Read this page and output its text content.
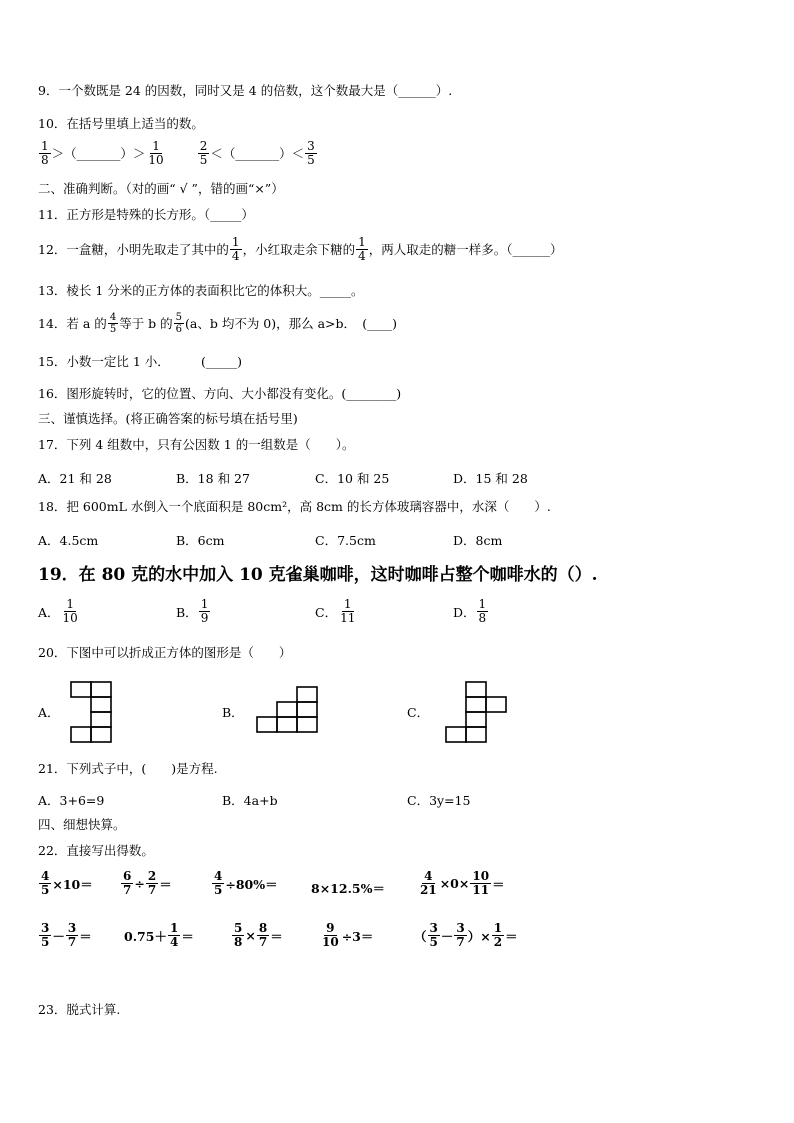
9．一个数既是 24 的因数，同时又是 4 的倍数，这个数最大是（______）.
10．在括号里填上适当的数。
$\frac{1}{8}$ ＞（_______）＞ $\frac{1}{10}$	$\frac{2}{5}$ ＜（_______）＜ $\frac{3}{5}$
二、准确判断。（对的画“ √ ”，错的画“×”）
11．正方形是特殊的长方形。（_____）
12．一盒糖，小明先取走了其中的 $\frac{1}{4}$ ，小红取走余下糖的 $\frac{1}{4}$ ，两人取走的糖一样多。（______）
13．棱长 1 分米的正方体的表面积比它的体积大。_____。
14．若 a 的 $\frac{4}{5}$ 等于 b 的 $\frac{5}{6} (a$、b 均不为 0)，那么 a>b．　(____)
15．小数一定比 1 小．　　　(_____)
16．图形旋转时，它的位置、方向、大小都没有变化。(________)
三、谨慎选择。(将正确答案的标号填在括号里)
17．下列 4 组数中，只有公因数 1 的一组数是（　　）。
A．21 和 28	B．18 和 27	C．10 和 25	D．15 和 28
18．把 600mL 水倒入一个底面积是 80cm²，高 8cm 的长方体玻璃容器中，水深（　　）.
A．4.5cm	B．6cm	C．7.5cm	D．8cm
19．在 80 克的水中加入 10 克雀巢咖啡，这时咖啡占整个咖啡水的（）.
A． $\frac{1}{10}$	B． $\frac{1}{9}$	C． $\frac{1}{11}$	D． $\frac{1}{8}$
20．下图中可以折成正方体的图形是（　　）
A．	B．	C．
21．下列式子中，(　　)是方程.
A．3+6=9	B．4a+b	C．3y=15
四、细想快算。
22．直接写出得数。
$\frac{4}{5} \times 10= \frac{6}{7} \div \frac{2}{7}$ ＝	$\frac{4}{5} \div 80\%=$	8×12.5%＝	$\frac{4}{21} \times 0\times \frac{10}{11}$ ＝
$\frac{3}{5} - \frac{3}{7}$ ＝	$0.75+ \frac{1}{4}$ ＝	$\frac{5}{8} \times \frac{8}{7}$ ＝	$\frac{9}{10} \div 3=$	（ $\frac{3}{5} - \frac{3}{7}$ ）× $\frac{1}{2}$ ＝
23．脱式计算.
